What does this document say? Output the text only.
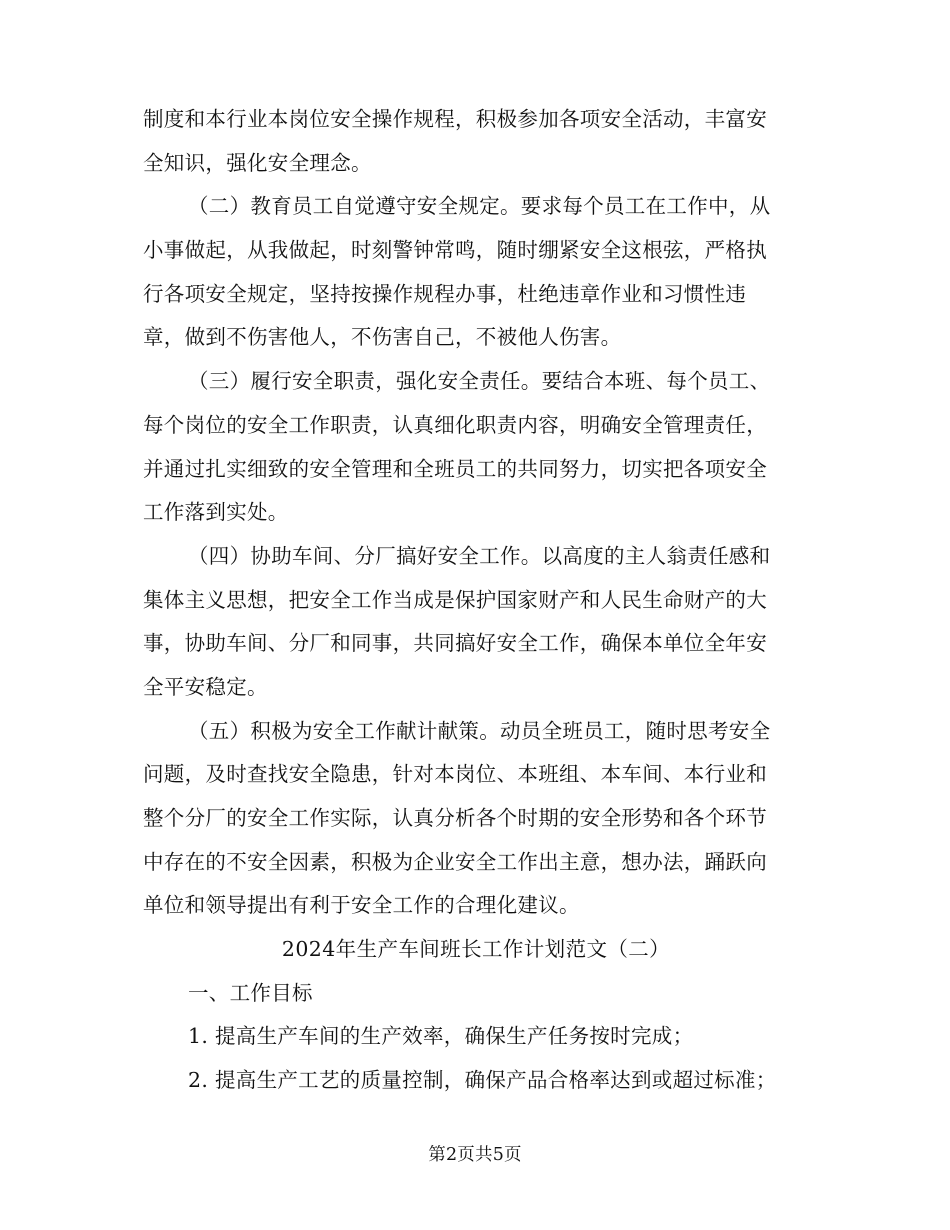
制度和本行业本岗位安全操作规程，积极参加各项安全活动，丰富安
全知识，强化安全理念。
（二）教育员工自觉遵守安全规定。要求每个员工在工作中，从
小事做起，从我做起，时刻警钟常鸣，随时绷紧安全这根弦，严格执
行各项安全规定，坚持按操作规程办事，杜绝违章作业和习惯性违
章，做到不伤害他人，不伤害自己，不被他人伤害。
（三）履行安全职责，强化安全责任。要结合本班、每个员工、
每个岗位的安全工作职责，认真细化职责内容，明确安全管理责任，
并通过扎实细致的安全管理和全班员工的共同努力，切实把各项安全
工作落到实处。
（四）协助车间、分厂搞好安全工作。以高度的主人翁责任感和
集体主义思想，把安全工作当成是保护国家财产和人民生命财产的大
事，协助车间、分厂和同事，共同搞好安全工作，确保本单位全年安
全平安稳定。
（五）积极为安全工作献计献策。动员全班员工，随时思考安全
问题，及时查找安全隐患，针对本岗位、本班组、本车间、本行业和
整个分厂的安全工作实际，认真分析各个时期的安全形势和各个环节
中存在的不安全因素，积极为企业安全工作出主意，想办法，踊跃向
单位和领导提出有利于安全工作的合理化建议。
2024年生产车间班长工作计划范文（二）
一、工作目标
1. 提高生产车间的生产效率，确保生产任务按时完成；
2. 提高生产工艺的质量控制，确保产品合格率达到或超过标准；
第2页共5页
